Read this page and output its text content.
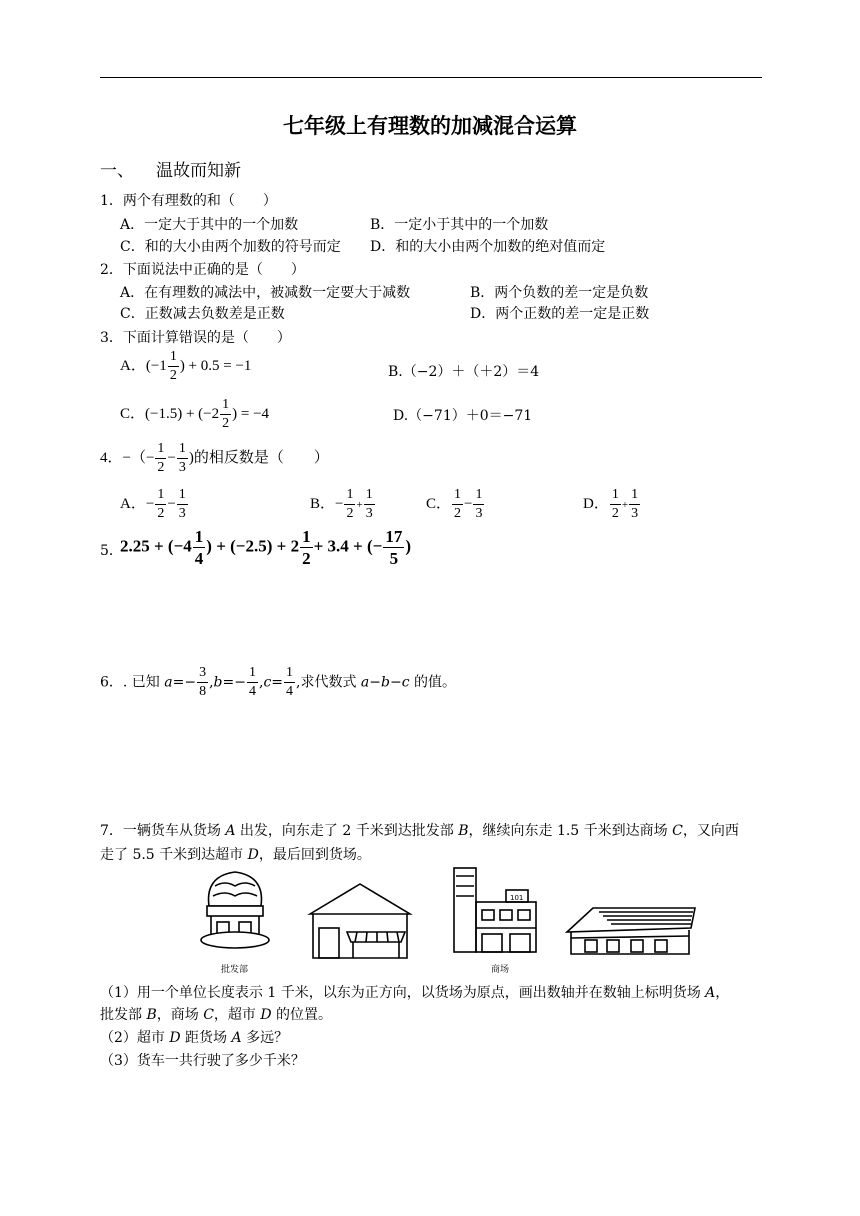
七年级上有理数的加减混合运算
一、 温故而知新
1．两个有理数的和（　　）
A．一定大于其中的一个加数	B．一定小于其中的一个加数
C．和的大小由两个加数的符号而定 D．和的大小由两个加数的绝对值而定
2．下面说法中正确的是（　　）
A．在有理数的减法中，被减数一定要大于减数	B．两个负数的差一定是负数
C．正数减去负数差是正数	D．两个正数的差一定是正数
3．下面计算错误的是（　　）
A．($-1 \frac{1}{2}$ ) + 0.5 = −1	B.（−2）＋（＋2）＝4
C．$(-1.5) + (-2 \frac{1}{2}$ ) = −4	D.（−71）＋0＝−71
4．−（− $\frac{1}{2} - \frac{1}{3}$ )的相反数是（　　）
A．− $\frac{1}{2} - \frac{1}{3}$	B．− $\frac{1}{2} + \frac{1}{3}$	C． $\frac{1}{2} - \frac{1}{3}$	D． $\frac{1}{2} + \frac{1}{3}$
5．
$2.25 + (-4 \frac{1}{4}$ ) + $(-2.5) + 2 \frac{1}{2} + 3.4$ + (− $\frac{17}{5}$ )
6．. 已知 $a=- \frac{3}{8} ,b=- \frac{1}{4} ,c= \frac{1}{4}$ ,求代数式 a−b−c 的值。
7．一辆货车从货场 A 出发，向东走了 2 千米到达批发部 B，继续向东走 1.5 千米到达商场 C，又向西
走了 5.5 千米到达超市 D，最后回到货场。
101
批发部	商场
（1）用一个单位长度表示 1 千米，以东为正方向，以货场为原点，画出数轴并在数轴上标明货场 A，
批发部 B，商场 C，超市 D 的位置。
（2）超市 D 距货场 A 多远？
（3）货车一共行驶了多少千米？
